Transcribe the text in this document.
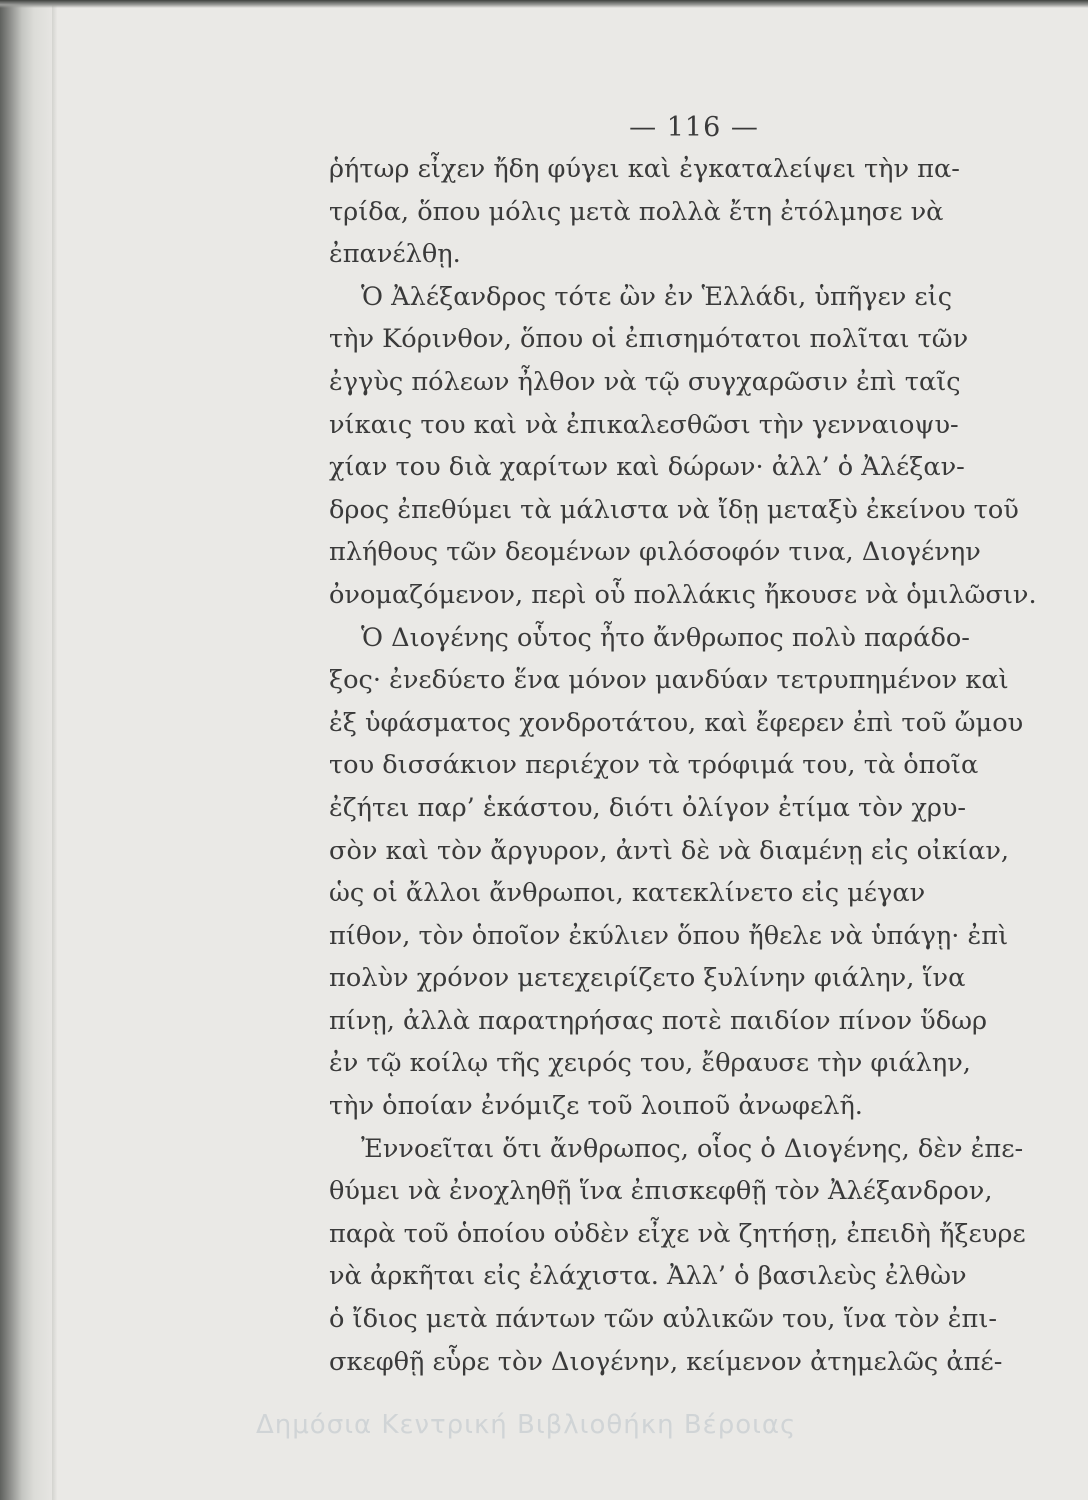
— 116 —
ῥήτωρ εἶχεν ἤδη φύγει καὶ ἐγκαταλείψει τὴν πα-
τρίδα, ὅπου μόλις μετὰ πολλὰ ἔτη ἐτόλμησε νὰ
ἐπανέλθῃ.
Ὁ Ἀλέξανδρος τότε ὢν ἐν Ἑλλάδι, ὑπῆγεν εἰς
τὴν Κόρινθον, ὅπου οἱ ἐπισημότατοι πολῖται τῶν
ἐγγὺς πόλεων ἦλθον νὰ τῷ συγχαρῶσιν ἐπὶ ταῖς
νίκαις του καὶ νὰ ἐπικαλεσθῶσι τὴν γενναιοψυ-
χίαν του διὰ χαρίτων καὶ δώρων· ἀλλ’ ὁ Ἀλέξαν-
δρος ἐπεθύμει τὰ μάλιστα νὰ ἴδῃ μεταξὺ ἐκείνου τοῦ
πλήθους τῶν δεομένων φιλόσοφόν τινα, Διογένην
ὀνομαζόμενον, περὶ οὗ πολλάκις ἤκουσε νὰ ὁμιλῶσιν.
Ὁ Διογένης οὗτος ἦτο ἄνθρωπος πολὺ παράδο-
ξος· ἐνεδύετο ἕνα μόνον μανδύαν τετρυπημένον καὶ
ἐξ ὑφάσματος χονδροτάτου, καὶ ἔφερεν ἐπὶ τοῦ ὤμου
του δισσάκιον περιέχον τὰ τρόφιμά του, τὰ ὁποῖα
ἐζήτει παρ’ ἑκάστου, διότι ὀλίγον ἐτίμα τὸν χρυ-
σὸν καὶ τὸν ἄργυρον, ἀντὶ δὲ νὰ διαμένῃ εἰς οἰκίαν,
ὡς οἱ ἄλλοι ἄνθρωποι, κατεκλίνετο εἰς μέγαν
πίθον, τὸν ὁποῖον ἐκύλιεν ὅπου ἤθελε νὰ ὑπάγῃ· ἐπὶ
πολὺν χρόνον μετεχειρίζετο ξυλίνην φιάλην, ἵνα
πίνῃ, ἀλλὰ παρατηρήσας ποτὲ παιδίον πίνον ὕδωρ
ἐν τῷ κοίλῳ τῆς χειρός του, ἔθραυσε τὴν φιάλην,
τὴν ὁποίαν ἐνόμιζε τοῦ λοιποῦ ἀνωφελῆ.
Ἐννοεῖται ὅτι ἄνθρωπος, οἷος ὁ Διογένης, δὲν ἐπε-
θύμει νὰ ἐνοχληθῇ ἵνα ἐπισκεφθῇ τὸν Ἀλέξανδρον,
παρὰ τοῦ ὁποίου οὐδὲν εἶχε νὰ ζητήσῃ, ἐπειδὴ ἤξευρε
νὰ ἀρκῆται εἰς ἐλάχιστα. Ἀλλ’ ὁ βασιλεὺς ἐλθὼν
ὁ ἴδιος μετὰ πάντων τῶν αὐλικῶν του, ἵνα τὸν ἐπι-
σκεφθῇ εὗρε τὸν Διογένην, κείμενον ἀτημελῶς ἀπέ-
Δημόσια Κεντρική Βιβλιοθήκη Βέροιας
